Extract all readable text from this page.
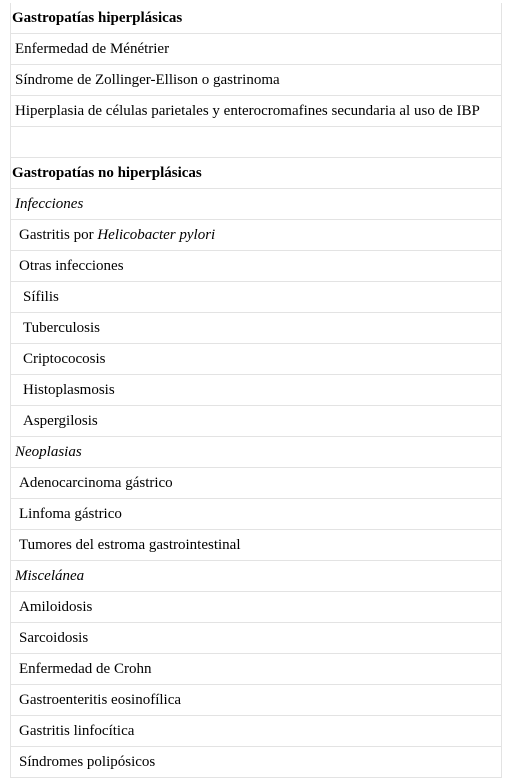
Gastropatías hiperplásicas
Enfermedad de Ménétrier
Síndrome de Zollinger-Ellison o gastrinoma
Hiperplasia de células parietales y enterocromafines secundaria al uso de IBP
Gastropatías no hiperplásicas
Infecciones
Gastritis por Helicobacter pylori
Otras infecciones
Sífilis
Tuberculosis
Criptococosis
Histoplasmosis
Aspergilosis
Neoplasias
Adenocarcinoma gástrico
Linfoma gástrico
Tumores del estroma gastrointestinal
Miscelánea
Amiloidosis
Sarcoidosis
Enfermedad de Crohn
Gastroenteritis eosinofílica
Gastritis linfocítica
Síndromes polipósicos
